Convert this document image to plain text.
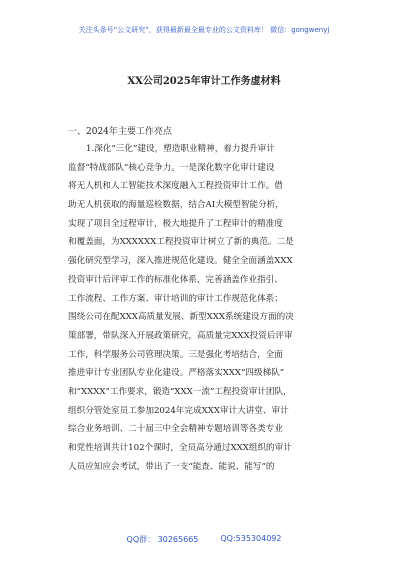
关注头条号“公文研究”，获得最新最全最专业的公文资料库！ 微信：gongwenyj
XX公司2025年审计工作务虚材料
一、2024年主要工作亮点
1.深化“三化”建设，塑造职业精神，着力提升审计
监督“特战部队”核心竞争力。一是深化数字化审计建设
将无人机和人工智能技术深度融入工程投资审计工作。借
助无人机获取的海量巡检数据，结合AI大模型智能分析，
实现了项目全过程审计，极大地提升了工程审计的精准度
和覆盖面，为XXXXXX工程投资审计树立了新的典范。二是
强化研究型学习，深入推进规范化建设。健全全面涵盖XXX
投资审计后评审工作的标准化体系，完善涵盖作业指引、
工作流程、工作方案、审计培训的审计工作规范化体系；
围绕公司在配XXX高质量发展、新型XXX系统建设方面的决
策部署，带队深入开展政策研究，高质量完XXX投资后评审
工作，科学服务公司管理决策。三是强化考培结合，全面
推进审计专业团队专业化建设。严格落实XXX“四级梯队”
和“XXXX”工作要求，锻造“XXX一流”工程投资审计团队，
组织分管处室员工参加2024年完成XXX审计大讲堂、审计
综合业务培训、二十届三中全会精神专题培训等各类专业
和党性培训共计102个课时，全员高分通过XXX组织的审计
人员应知应会考试，带出了一支“能查、能说、能写”的
QQ群： 30265665	QQ:535304092
